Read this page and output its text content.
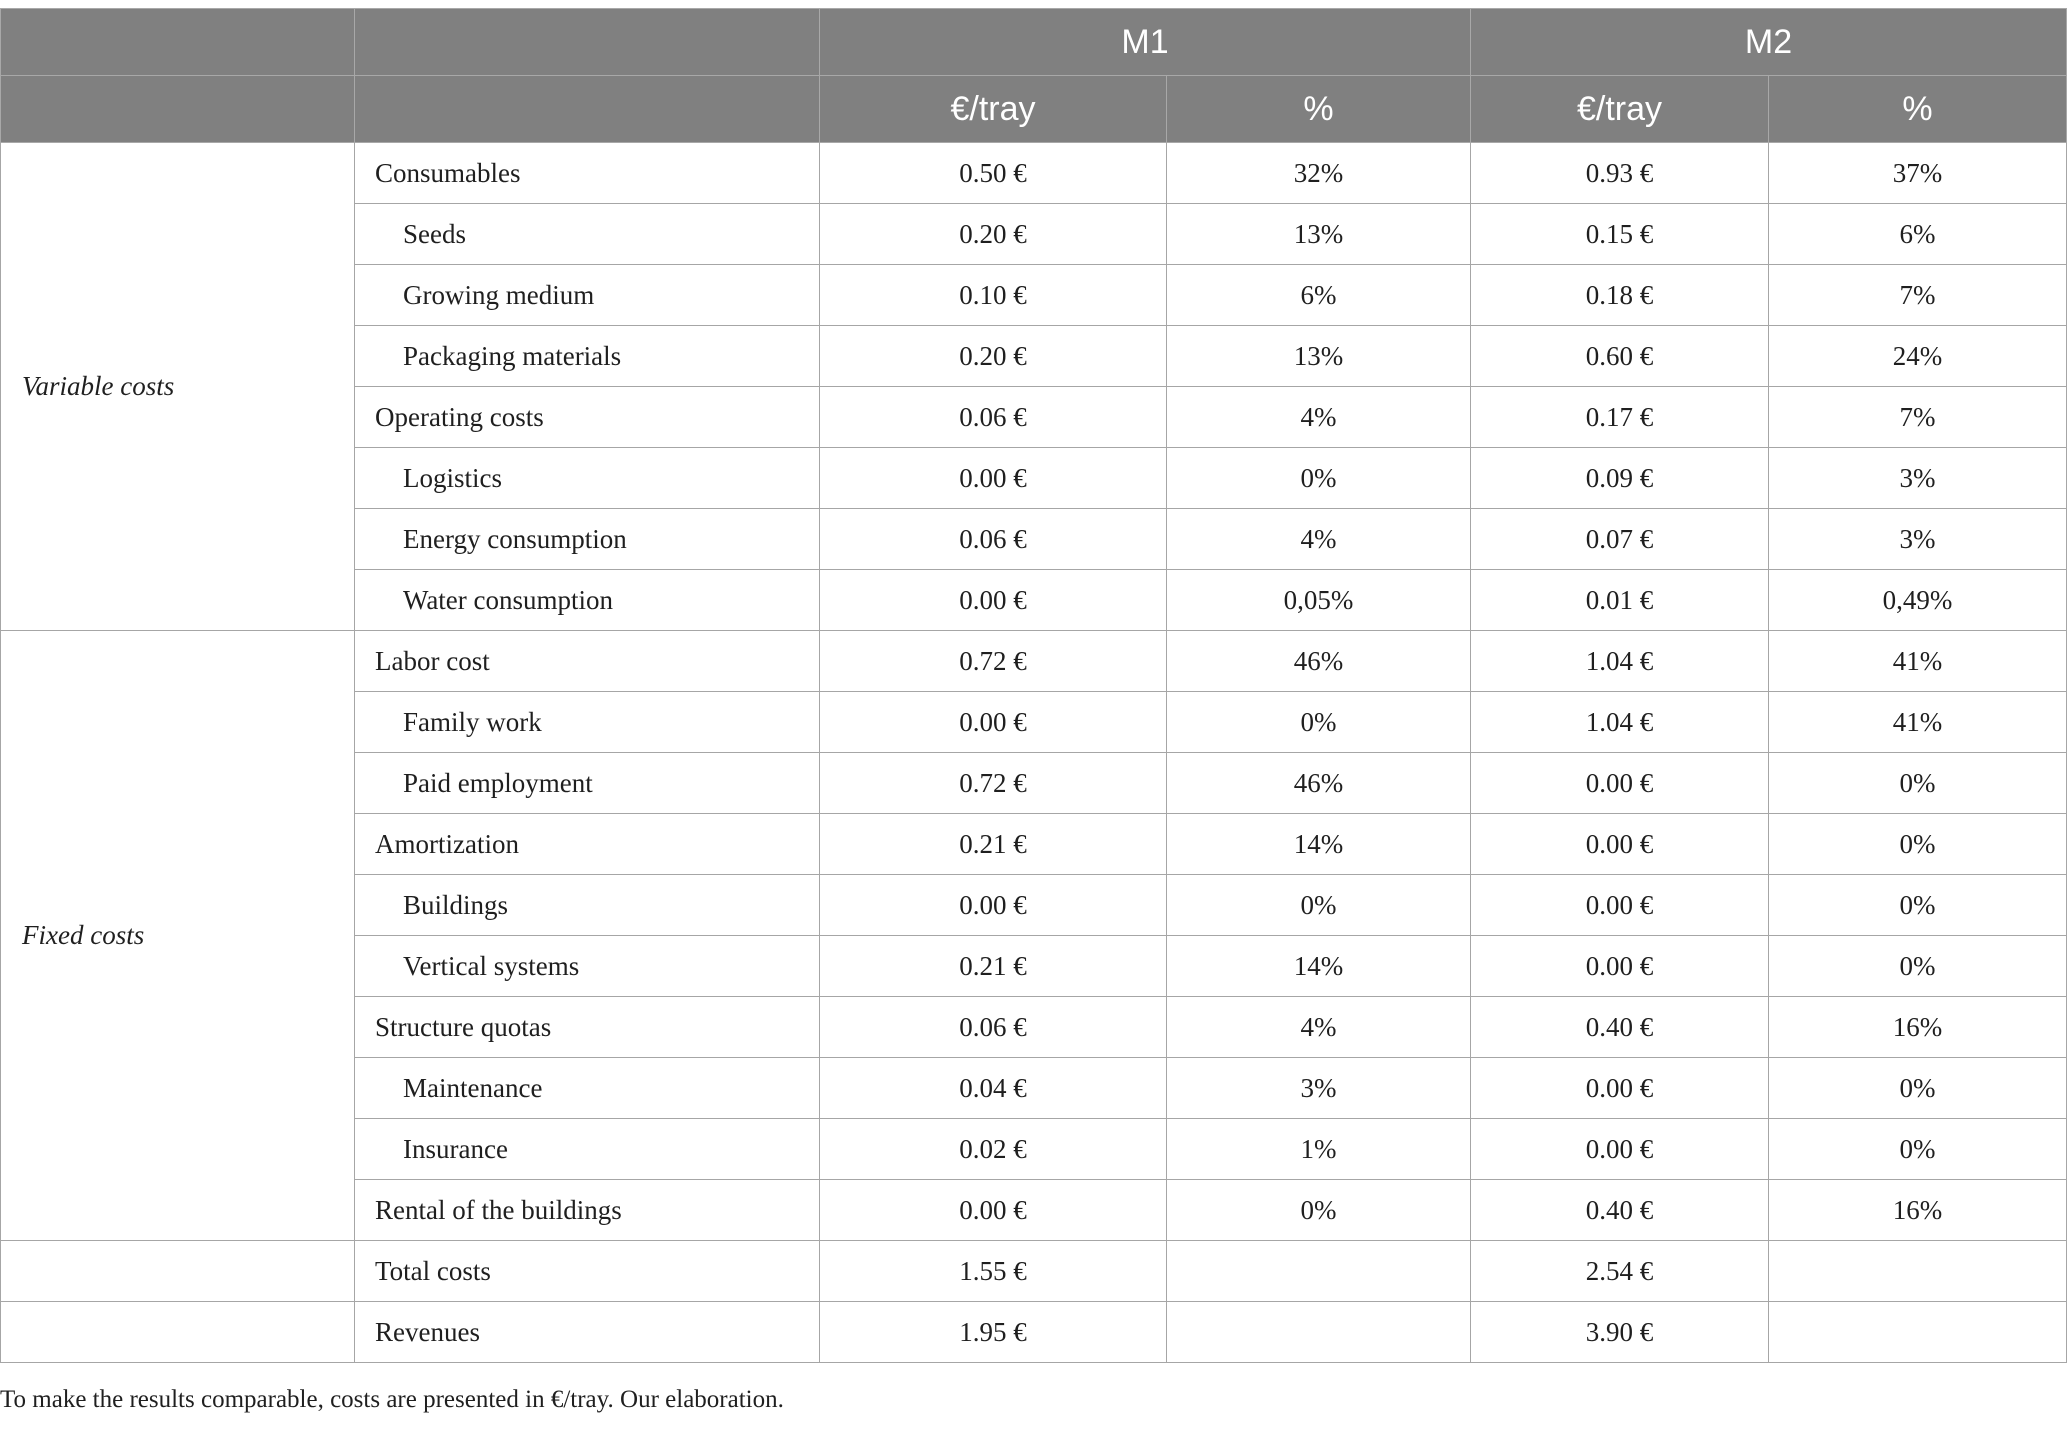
		M1		M2	
		€/tray	%	€/tray	%
Variable costs	Consumables	0.50 €	32%	0.93 €	37%
	Seeds	0.20 €	13%	0.15 €	6%
	Growing medium	0.10 €	6%	0.18 €	7%
	Packaging materials	0.20 €	13%	0.60 €	24%
	Operating costs	0.06 €	4%	0.17 €	7%
	Logistics	0.00 €	0%	0.09 €	3%
	Energy consumption	0.06 €	4%	0.07 €	3%
	Water consumption	0.00 €	0,05%	0.01 €	0,49%
Fixed costs	Labor cost	0.72 €	46%	1.04 €	41%
	Family work	0.00 €	0%	1.04 €	41%
	Paid employment	0.72 €	46%	0.00 €	0%
	Amortization	0.21 €	14%	0.00 €	0%
	Buildings	0.00 €	0%	0.00 €	0%
	Vertical systems	0.21 €	14%	0.00 €	0%
	Structure quotas	0.06 €	4%	0.40 €	16%
	Maintenance	0.04 €	3%	0.00 €	0%
	Insurance	0.02 €	1%	0.00 €	0%
	Rental of the buildings	0.00 €	0%	0.40 €	16%
	Total costs	1.55 €		2.54 €	
	Revenues	1.95 €		3.90 €	
To make the results comparable, costs are presented in €/tray. Our elaboration.
